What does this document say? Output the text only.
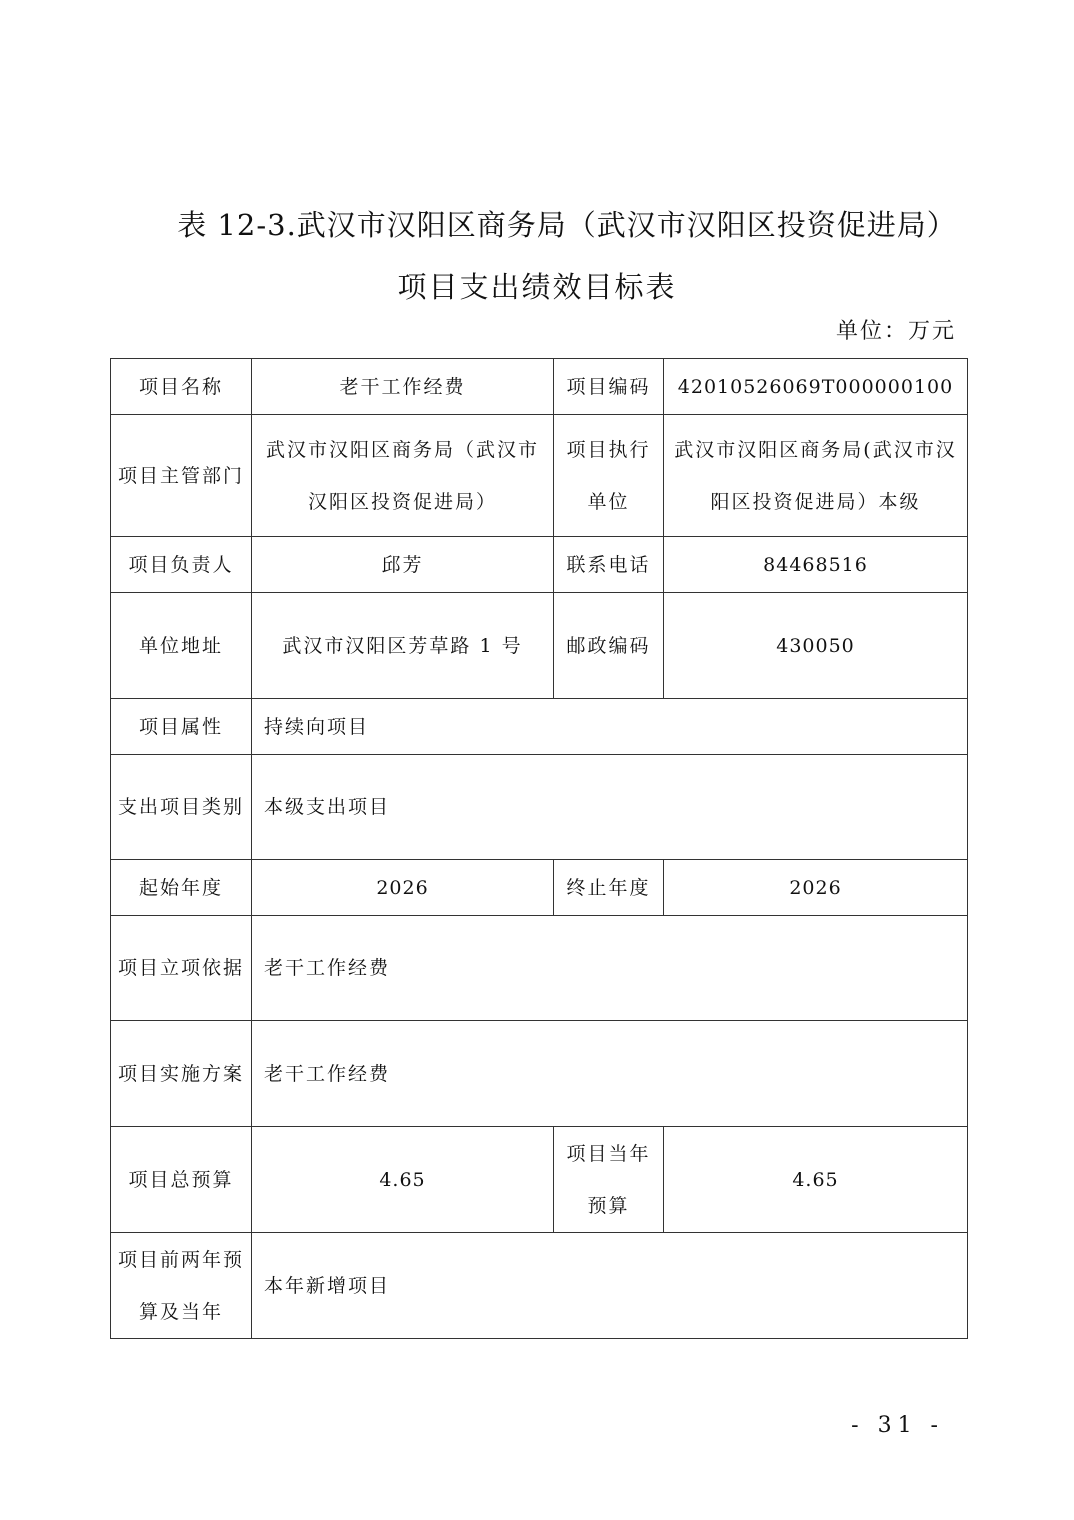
表 12-3.武汉市汉阳区商务局（武汉市汉阳区投资促进局）
项目支出绩效目标表
单位：万元
项目名称	老干工作经费	项目编码	42010526069T000000100
项目主管部门	武汉市汉阳区商务局（武汉市汉阳区投资促进局）	项目执行单位	武汉市汉阳区商务局(武汉市汉阳区投资促进局）本级
项目负责人	邱芳	联系电话	84468516
单位地址	武汉市汉阳区芳草路 1 号	邮政编码	430050
项目属性	持续向项目		
支出项目类别	本级支出项目		
起始年度	2026	终止年度	2026
项目立项依据	老干工作经费		
项目实施方案	老干工作经费		
项目总预算	4.65	项目当年预算	4.65
项目前两年预算及当年	本年新增项目		
- 31 -
